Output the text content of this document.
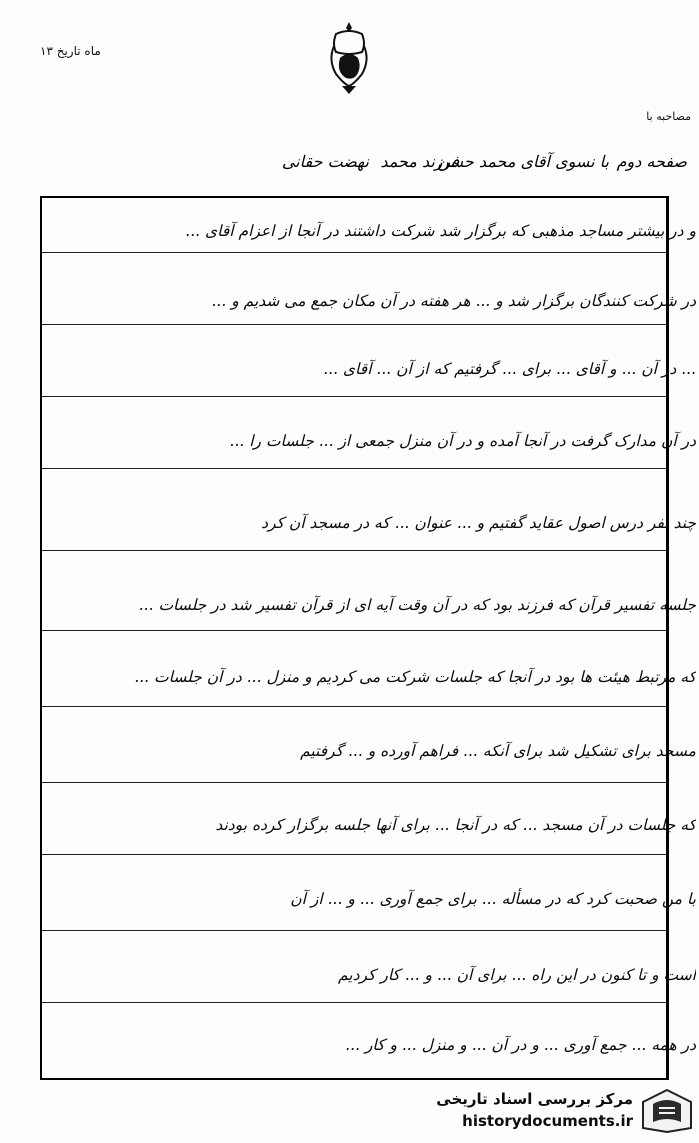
۱۳ ماه تاریخ
مصاحبه با
صفحه دوم
با نسوی آقای محمد حسن
فرزند محمد
نهضت حقانی
و در بیشتر مساجد مذهبی که برگزار شد شرکت داشتند در آنجا از اعزام آقای ...
در شرکت کنندگان برگزار شد و ... هر هفته در آن مکان جمع می شدیم و ...
... در آن ... و آقای ... برای ... گرفتیم که از آن ... آقای ...
در آن مدارک گرفت در آنجا آمده و در آن منزل جمعی از ... جلسات را ...
چند نفر درس اصول عقاید گفتیم و ... عنوان ... که در مسجد آن کرد
جلسه تفسیر قرآن که فرزند بود که در آن وقت آیه ای از قرآن تفسیر شد در جلسات ...
که مرتبط هیئت ها بود در آنجا که جلسات شرکت می کردیم و منزل ... در آن جلسات ...
مسجد برای تشکیل شد برای آنکه ... فراهم آورده و ... گرفتیم
که جلسات در آن مسجد ... که در آنجا ... برای آنها جلسه برگزار کرده بودند
با من صحبت کرد که در مسأله ... برای جمع آوری ... و ... از آن
است و تا کنون در این راه ... برای آن ... و ... کار کردیم
در همه ... جمع آوری ... و در آن ... و منزل ... و کار ...
مرکز بررسی اسناد تاریخی
historydocuments.ir
